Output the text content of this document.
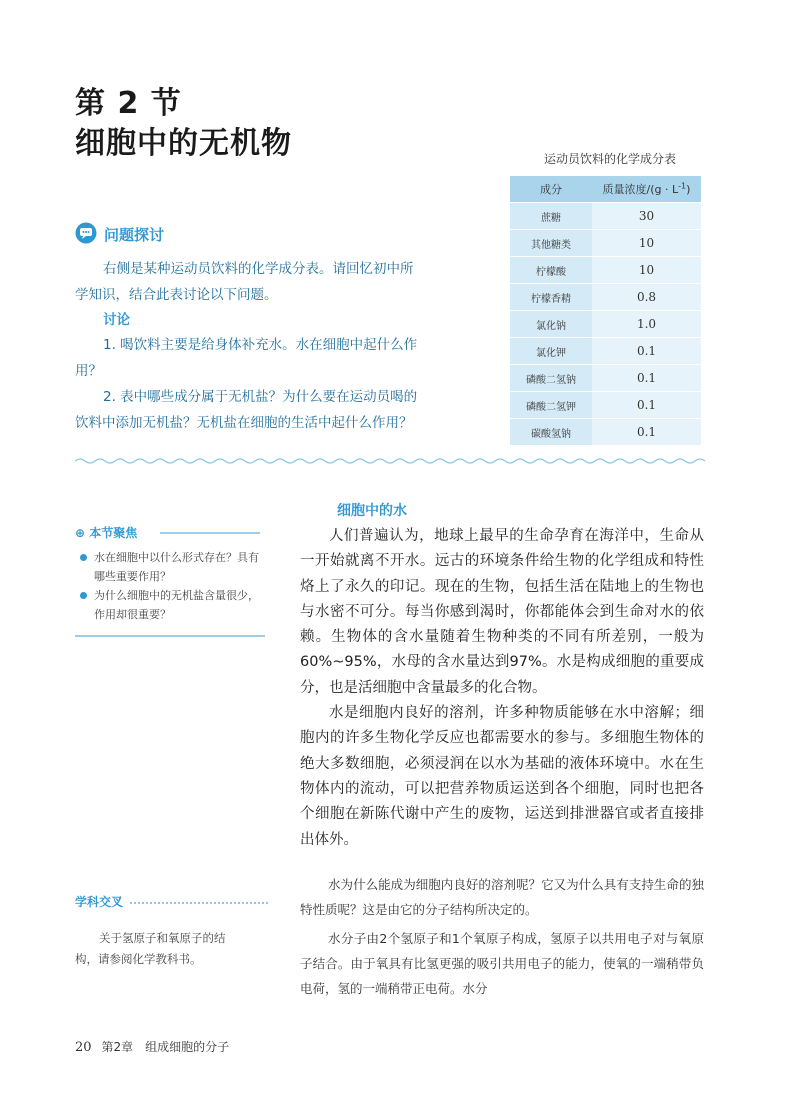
第 2 节
细胞中的无机物	运动员饮料的化学成分表
成分	质量浓度$/(g \cdot L^{-1})$
蔗糖	30
其他糖类	10
柠檬酸	10
柠檬香精	0.8
氯化钠	1.0
氯化钾	0.1
磷酸二氢钠	0.1
磷酸二氢钾	0.1
碳酸氢钠	0.1
问题探讨
右侧是某种运动员饮料的化学成分表。请回忆初中所
学知识，结合此表讨论以下问题。
讨论
1. 喝饮料主要是给身体补充水。水在细胞中起什么作
用？
2. 表中哪些成分属于无机盐？为什么要在运动员喝的
饮料中添加无机盐？无机盐在细胞的生活中起什么作用？
⊕ 本节聚焦
水在细胞中以什么形式存在？具有哪些重要作用？
为什么细胞中的无机盐含量很少，作用却很重要？
细胞中的水

人们普遍认为，地球上最早的生命孕育在海洋中，生命从一开始就离不开水。远古的环境条件给生物的化学组成和特性烙上了永久的印记。现在的生物，包括生活在陆地上的生物也与水密不可分。每当你感到渴时，你都能体会到生命对水的依赖。生物体的含水量随着生物种类的不同有所差别，一般为60%~95%，水母的含水量达到97%。水是构成细胞的重要成分，也是活细胞中含量最多的化合物。

水是细胞内良好的溶剂，许多种物质能够在水中溶解；细胞内的许多生物化学反应也都需要水的参与。多细胞生物体的绝大多数细胞，必须浸润在以水为基础的液体环境中。水在生物体内的流动，可以把营养物质运送到各个细胞，同时也把各个细胞在新陈代谢中产生的废物，运送到排泄器官或者直接排出体外。

水为什么能成为细胞内良好的溶剂呢？它又为什么具有支持生命的独特性质呢？这是由它的分子结构所决定的。

水分子由2个氢原子和1个氧原子构成，氢原子以共用电子对与氧原子结合。由于氧具有比氢更强的吸引共用电子的能力，使氧的一端稍带负电荷，氢的一端稍带正电荷。水分

学科交叉
关于氢原子和氧原子的结
构，请参阅化学教科书。
20 第2章　组成细胞的分子
